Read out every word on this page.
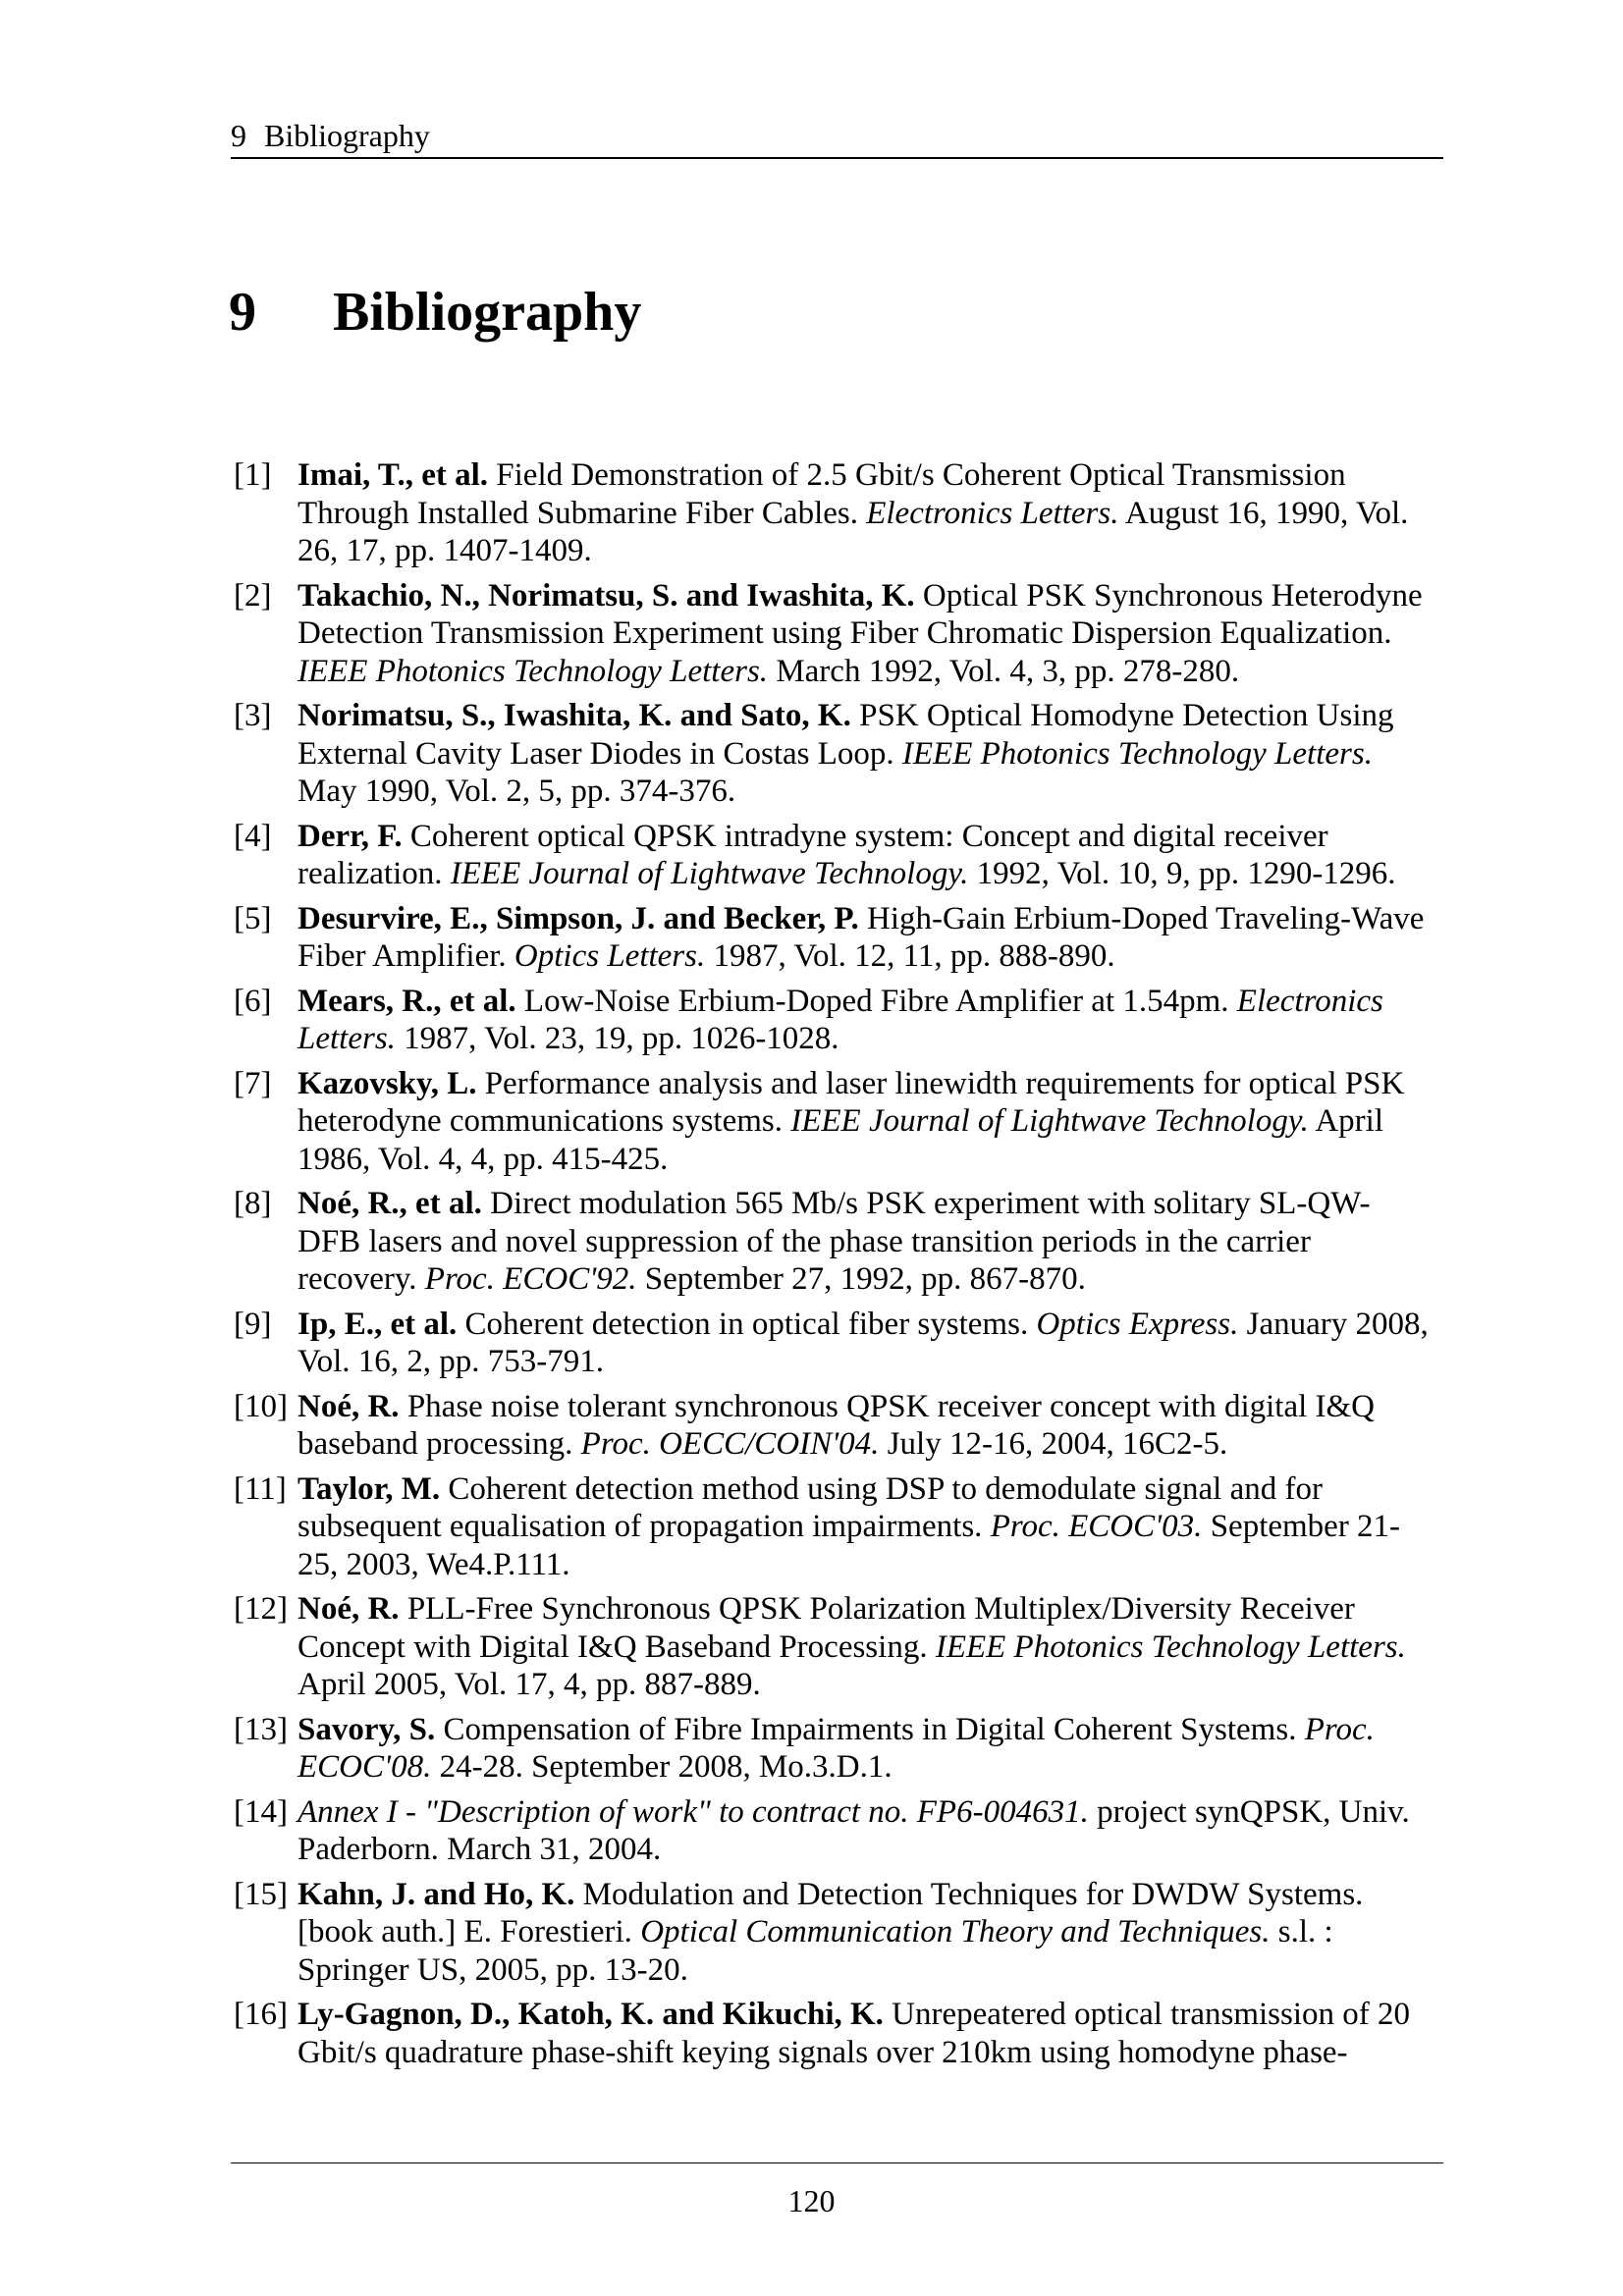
9 Bibliography
9 Bibliography
[1] Imai, T., et al. Field Demonstration of 2.5 Gbit/s Coherent Optical Transmission Through Installed Submarine Fiber Cables. Electronics Letters. August 16, 1990, Vol. 26, 17, pp. 1407-1409.
[2] Takachio, N., Norimatsu, S. and Iwashita, K. Optical PSK Synchronous Heterodyne Detection Transmission Experiment using Fiber Chromatic Dispersion Equalization. IEEE Photonics Technology Letters. March 1992, Vol. 4, 3, pp. 278-280.
[3] Norimatsu, S., Iwashita, K. and Sato, K. PSK Optical Homodyne Detection Using External Cavity Laser Diodes in Costas Loop. IEEE Photonics Technology Letters. May 1990, Vol. 2, 5, pp. 374-376.
[4] Derr, F. Coherent optical QPSK intradyne system: Concept and digital receiver realization. IEEE Journal of Lightwave Technology. 1992, Vol. 10, 9, pp. 1290-1296.
[5] Desurvire, E., Simpson, J. and Becker, P. High-Gain Erbium-Doped Traveling-Wave Fiber Amplifier. Optics Letters. 1987, Vol. 12, 11, pp. 888-890.
[6] Mears, R., et al. Low-Noise Erbium-Doped Fibre Amplifier at 1.54pm. Electronics Letters. 1987, Vol. 23, 19, pp. 1026-1028.
[7] Kazovsky, L. Performance analysis and laser linewidth requirements for optical PSK heterodyne communications systems. IEEE Journal of Lightwave Technology. April 1986, Vol. 4, 4, pp. 415-425.
[8] Noé, R., et al. Direct modulation 565 Mb/s PSK experiment with solitary SL-QW-DFB lasers and novel suppression of the phase transition periods in the carrier recovery. Proc. ECOC'92. September 27, 1992, pp. 867-870.
[9] Ip, E., et al. Coherent detection in optical fiber systems. Optics Express. January 2008, Vol. 16, 2, pp. 753-791.
[10] Noé, R. Phase noise tolerant synchronous QPSK receiver concept with digital I&Q baseband processing. Proc. OECC/COIN'04. July 12-16, 2004, 16C2-5.
[11] Taylor, M. Coherent detection method using DSP to demodulate signal and for subsequent equalisation of propagation impairments. Proc. ECOC'03. September 21-25, 2003, We4.P.111.
[12] Noé, R. PLL-Free Synchronous QPSK Polarization Multiplex/Diversity Receiver Concept with Digital I&Q Baseband Processing. IEEE Photonics Technology Letters. April 2005, Vol. 17, 4, pp. 887-889.
[13] Savory, S. Compensation of Fibre Impairments in Digital Coherent Systems. Proc. ECOC'08. 24-28. September 2008, Mo.3.D.1.
[14] Annex I - "Description of work" to contract no. FP6-004631. project synQPSK, Univ. Paderborn. March 31, 2004.
[15] Kahn, J. and Ho, K. Modulation and Detection Techniques for DWDW Systems. [book auth.] E. Forestieri. Optical Communication Theory and Techniques. s.l. : Springer US, 2005, pp. 13-20.
[16] Ly-Gagnon, D., Katoh, K. and Kikuchi, K. Unrepeatered optical transmission of 20 Gbit/s quadrature phase-shift keying signals over 210km using homodyne phase-
120
